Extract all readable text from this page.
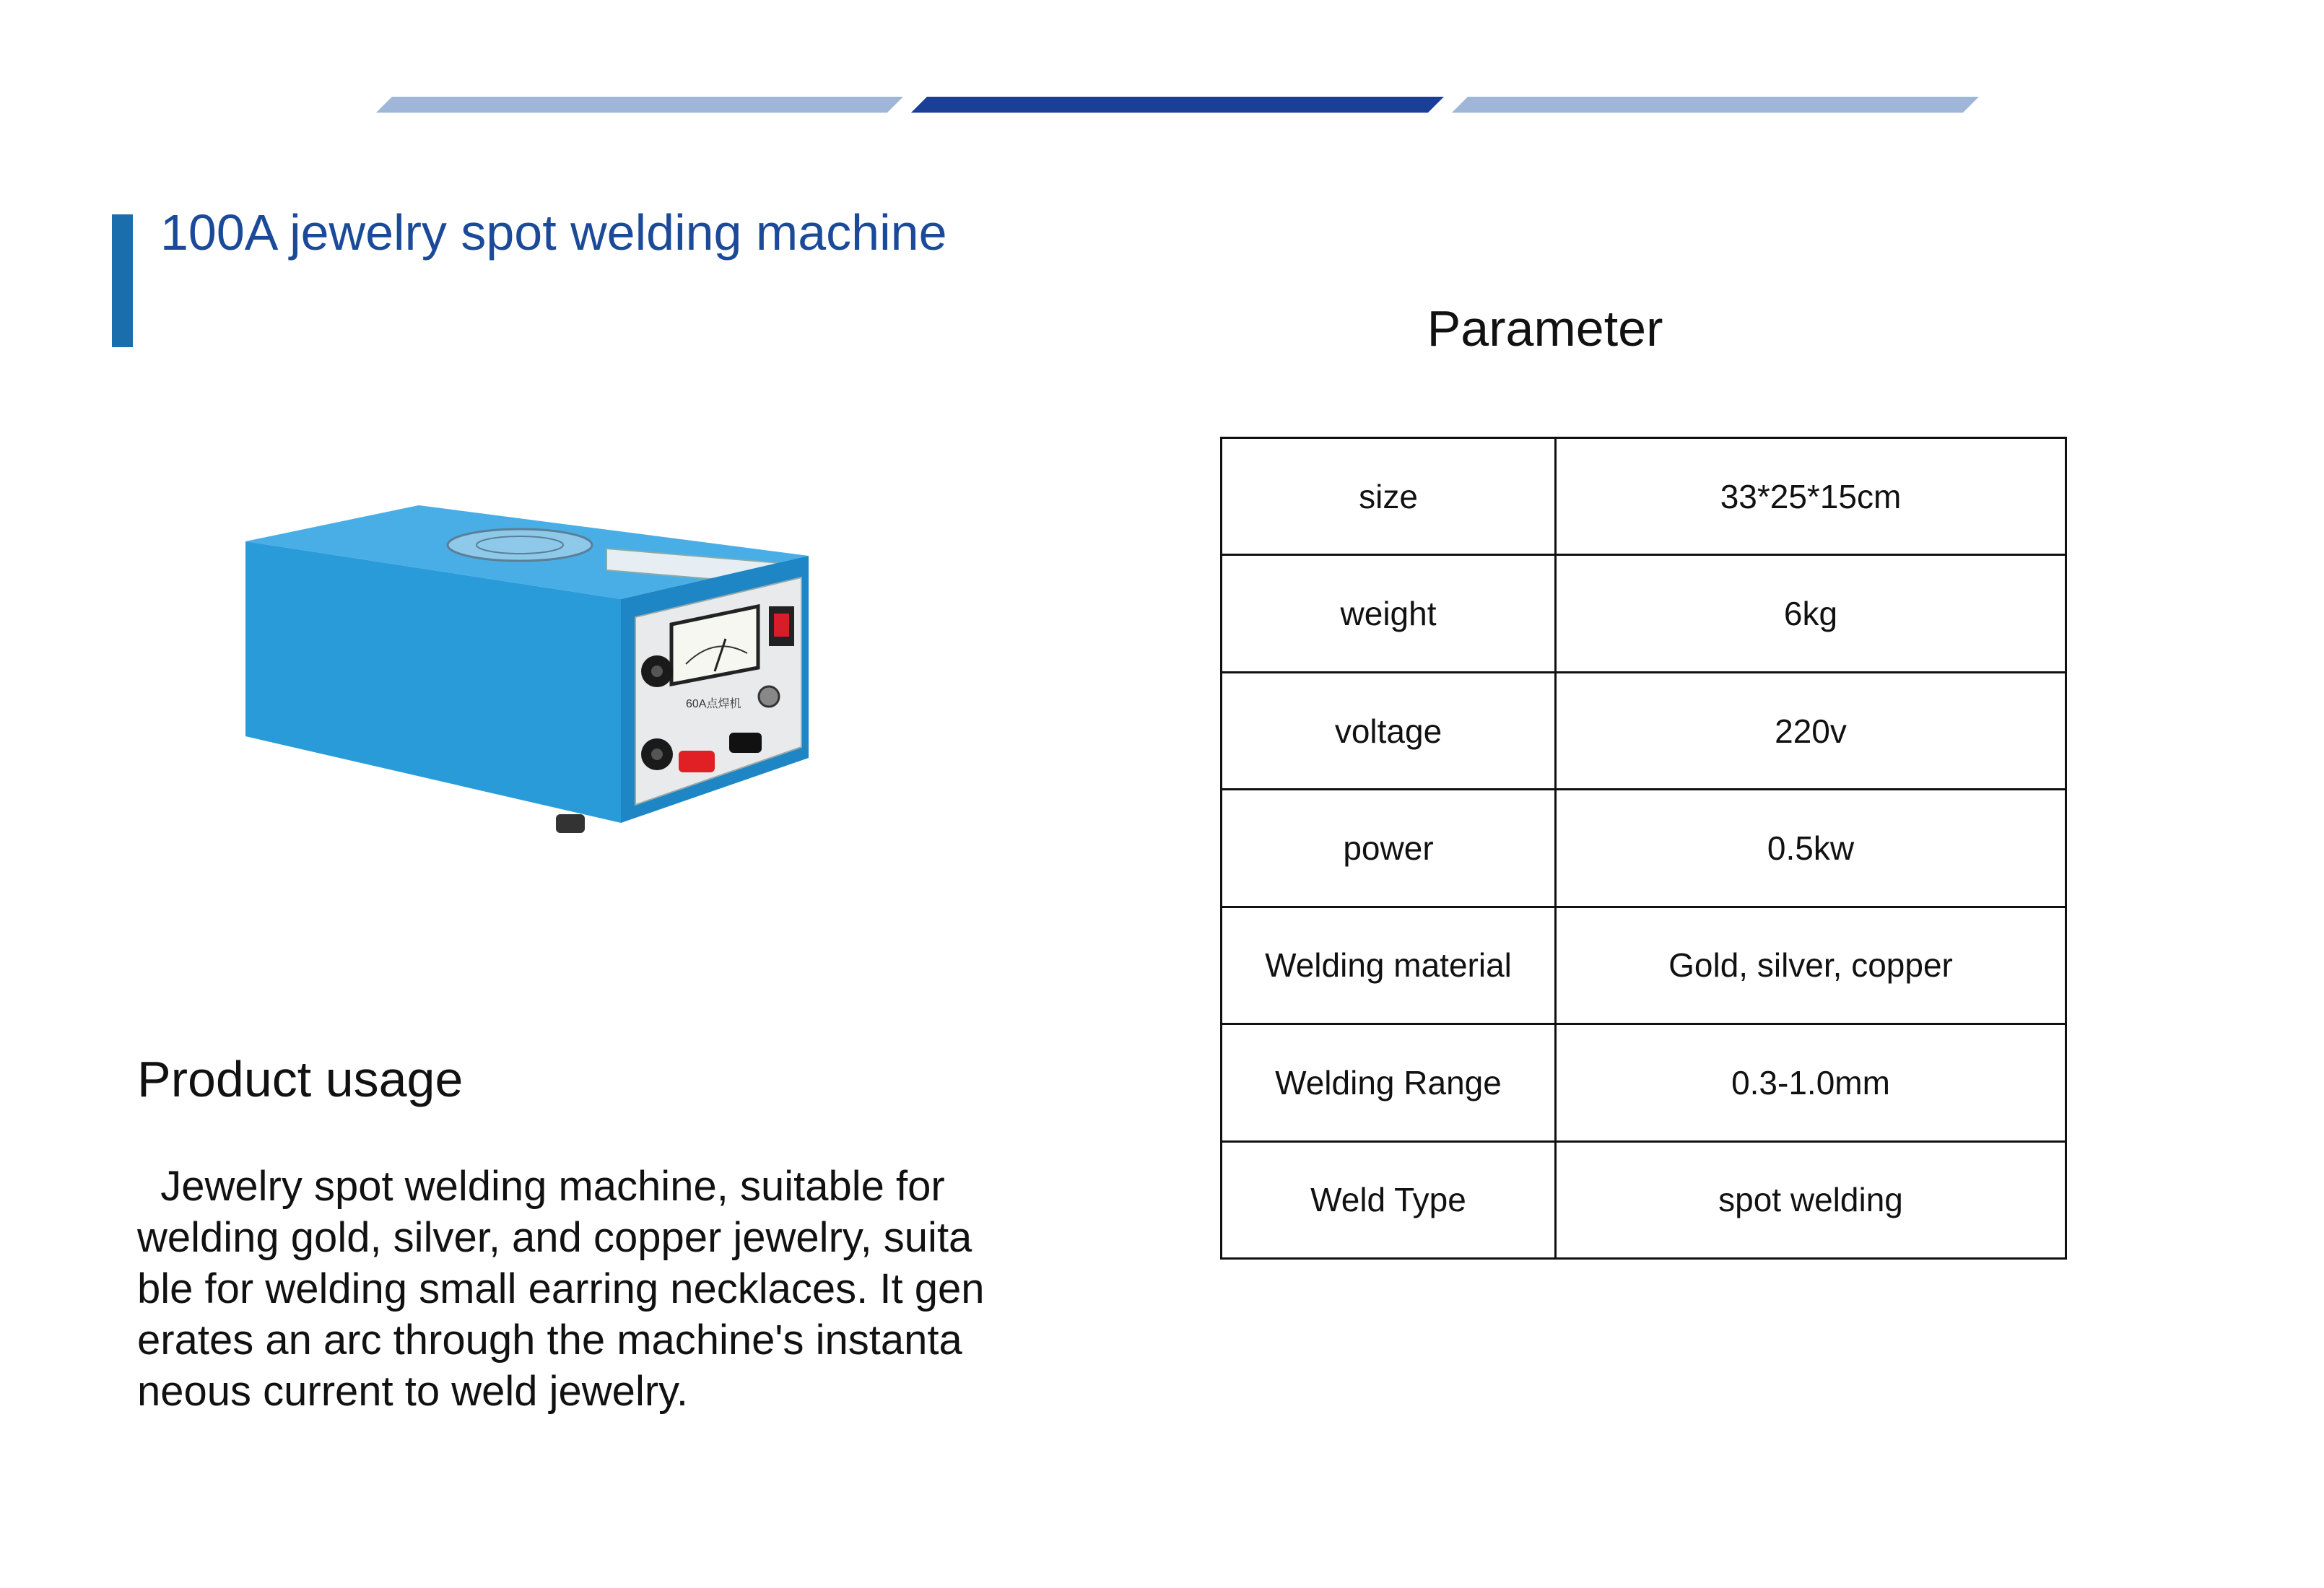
100A jewelry spot welding machine
Parameter
60A点焊机
Product usage
Jewelry spot welding machine, suitable for
welding gold, silver, and copper jewelry, suita
ble for welding small earring necklaces. It gen
erates an arc through the machine's instanta
neous current to weld jewelry.
size	33*25*15cm
weight	6kg
voltage	220v
power	0.5kw
Welding material	Gold, silver, copper
Welding Range	0.3-1.0mm
Weld Type	spot welding
